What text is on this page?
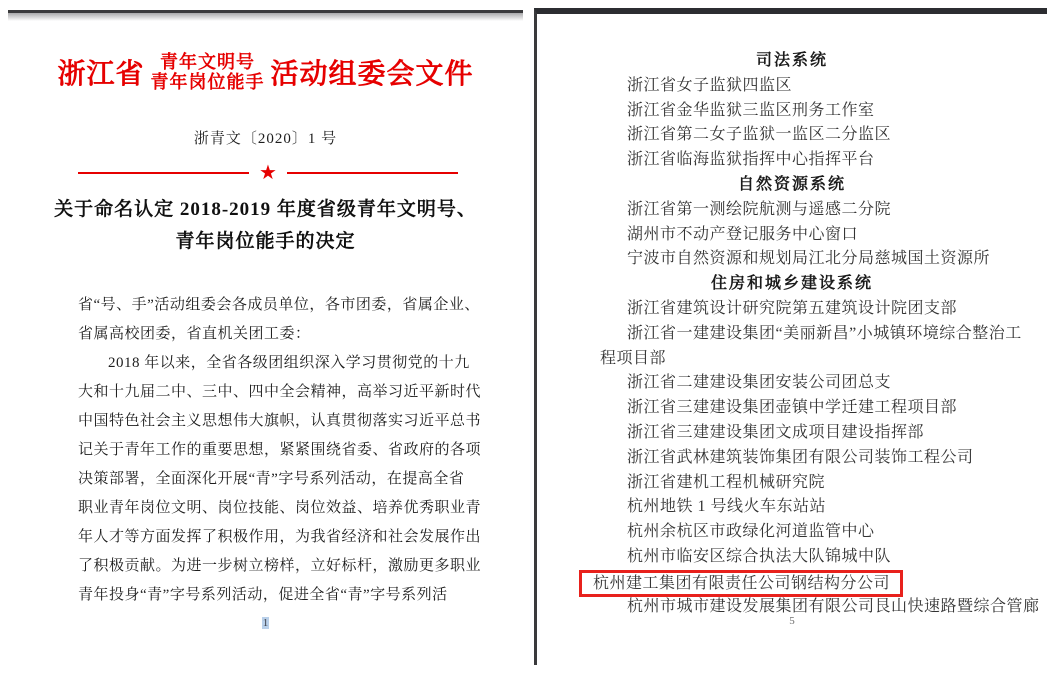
浙江省 青年文明号
青年岗位能手 活动组委会文件
浙青文〔2020〕1 号
★
关于命名认定 2018-2019 年度省级青年文明号、
青年岗位能手的决定
省“号、手”活动组委会各成员单位，各市团委，省属企业、
省属高校团委，省直机关团工委：
2018 年以来，全省各级团组织深入学习贯彻党的十九
大和十九届二中、三中、四中全会精神，高举习近平新时代
中国特色社会主义思想伟大旗帜，认真贯彻落实习近平总书
记关于青年工作的重要思想，紧紧围绕省委、省政府的各项
决策部署，全面深化开展“青”字号系列活动，在提高全省
职业青年岗位文明、岗位技能、岗位效益、培养优秀职业青
年人才等方面发挥了积极作用，为我省经济和社会发展作出
了积极贡献。为进一步树立榜样，立好标杆，激励更多职业
青年投身“青”字号系列活动，促进全省“青”字号系列活
1
司法系统
浙江省女子监狱四监区
浙江省金华监狱三监区刑务工作室
浙江省第二女子监狱一监区二分监区
浙江省临海监狱指挥中心指挥平台
自然资源系统
浙江省第一测绘院航测与遥感二分院
湖州市不动产登记服务中心窗口
宁波市自然资源和规划局江北分局慈城国土资源所
住房和城乡建设系统
浙江省建筑设计研究院第五建筑设计院团支部
浙江省一建建设集团“美丽新昌”小城镇环境综合整治工
程项目部
浙江省二建建设集团安装公司团总支
浙江省三建建设集团壶镇中学迁建工程项目部
浙江省三建建设集团文成项目建设指挥部
浙江省武林建筑装饰集团有限公司装饰工程公司
浙江省建机工程机械研究院
杭州地铁 1 号线火车东站站
杭州余杭区市政绿化河道监管中心
杭州市临安区综合执法大队锦城中队
杭州建工集团有限责任公司钢结构分公司
杭州市城市建设发展集团有限公司艮山快速路暨综合管廊
5
